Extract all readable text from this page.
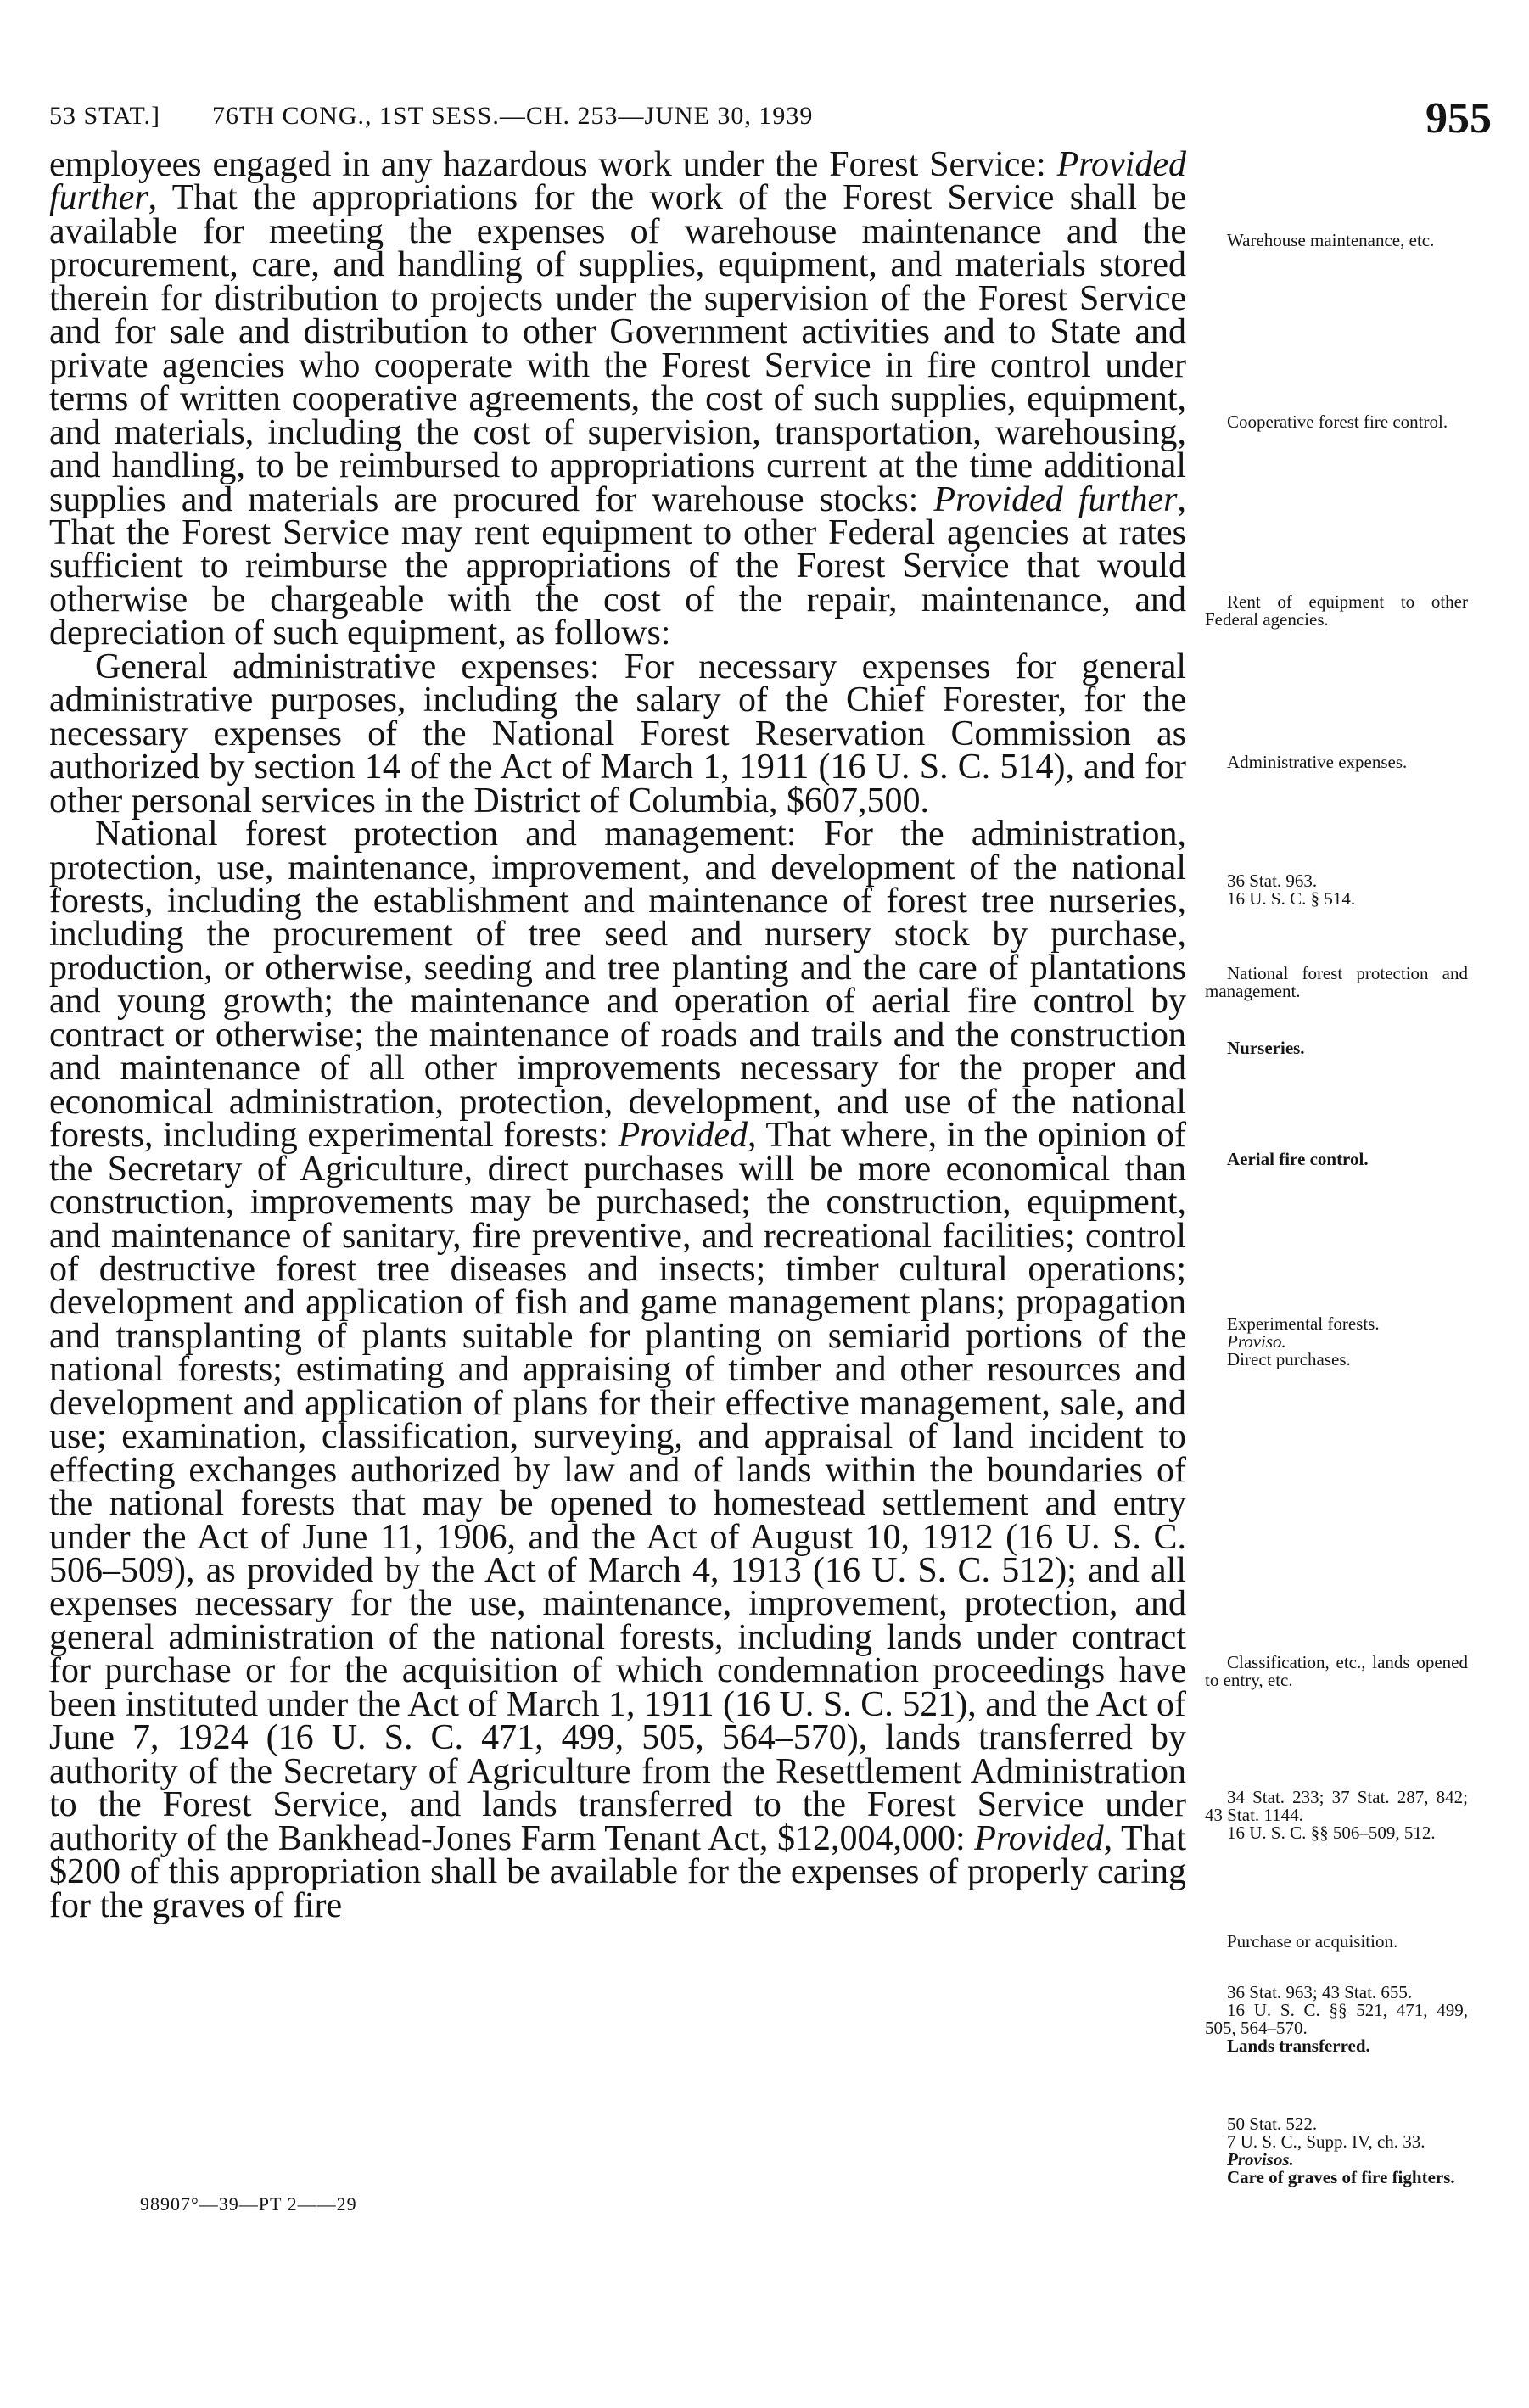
53 STAT.] 76TH CONG., 1ST SESS.—CH. 253—JUNE 30, 1939	955

employees engaged in any hazardous work under the Forest Service: Provided further, That the appropriations for the work of the Forest Service shall be available for meeting the expenses of warehouse maintenance and the procurement, care, and handling of supplies, equipment, and materials stored therein for distribution to projects under the supervision of the Forest Service and for sale and distribution to other Government activities and to State and private agencies who cooperate with the Forest Service in fire control under terms of written cooperative agreements, the cost of such supplies, equipment, and materials, including the cost of supervision, transportation, warehousing, and handling, to be reimbursed to appropriations current at the time additional supplies and materials are procured for warehouse stocks: Provided further, That the Forest Service may rent equipment to other Federal agencies at rates sufficient to reimburse the appropriations of the Forest Service that would otherwise be chargeable with the cost of the repair, maintenance, and depreciation of such equipment, as follows:

General administrative expenses: For necessary expenses for general administrative purposes, including the salary of the Chief Forester, for the necessary expenses of the National Forest Reservation Commission as authorized by section 14 of the Act of March 1, 1911 (16 U. S. C. 514), and for other personal services in the District of Columbia, $607,500.

National forest protection and management: For the administration, protection, use, maintenance, improvement, and development of the national forests, including the establishment and maintenance of forest tree nurseries, including the procurement of tree seed and nursery stock by purchase, production, or otherwise, seeding and tree planting and the care of plantations and young growth; the maintenance and operation of aerial fire control by contract or otherwise; the maintenance of roads and trails and the construction and maintenance of all other improvements necessary for the proper and economical administration, protection, development, and use of the national forests, including experimental forests: Provided, That where, in the opinion of the Secretary of Agriculture, direct purchases will be more economical than construction, improvements may be purchased; the construction, equipment, and maintenance of sanitary, fire preventive, and recreational facilities; control of destructive forest tree diseases and insects; timber cultural operations; development and application of fish and game management plans; propagation and transplanting of plants suitable for planting on semiarid portions of the national forests; estimating and appraising of timber and other resources and development and application of plans for their effective management, sale, and use; examination, classification, surveying, and appraisal of land incident to effecting exchanges authorized by law and of lands within the boundaries of the national forests that may be opened to homestead settlement and entry under the Act of June 11, 1906, and the Act of August 10, 1912 (16 U. S. C. 506–509), as provided by the Act of March 4, 1913 (16 U. S. C. 512); and all expenses necessary for the use, maintenance, improvement, protection, and general administration of the national forests, including lands under contract for purchase or for the acquisition of which condemnation proceedings have been instituted under the Act of March 1, 1911 (16 U. S. C. 521), and the Act of June 7, 1924 (16 U. S. C. 471, 499, 505, 564–570), lands transferred by authority of the Secretary of Agriculture from the Resettlement Administration to the Forest Service, and lands transferred to the Forest Service under authority of the Bankhead-Jones Farm Tenant Act, $12,004,000: Provided, That $200 of this appropriation shall be available for the expenses of properly caring for the graves of fire

Warehouse maintenance, etc.
Cooperative forest fire control.
Rent of equipment to other Federal agencies.
Administrative expenses.
36 Stat. 963.
16 U. S. C. § 514.
National forest protection and management.
Nurseries.
Aerial fire control.
Experimental forests.
Proviso.
Direct purchases.
Classification, etc., lands opened to entry, etc.
34 Stat. 233; 37 Stat. 287, 842; 43 Stat. 1144.
16 U. S. C. §§ 506–509, 512.
Purchase or acquisition.
36 Stat. 963; 43 Stat. 655.
16 U. S. C. §§ 521, 471, 499, 505, 564–570.
Lands transferred.
50 Stat. 522.
7 U. S. C., Supp. IV, ch. 33.
Provisos.
Care of graves of fire fighters.
98907°—39—PT 2——29
